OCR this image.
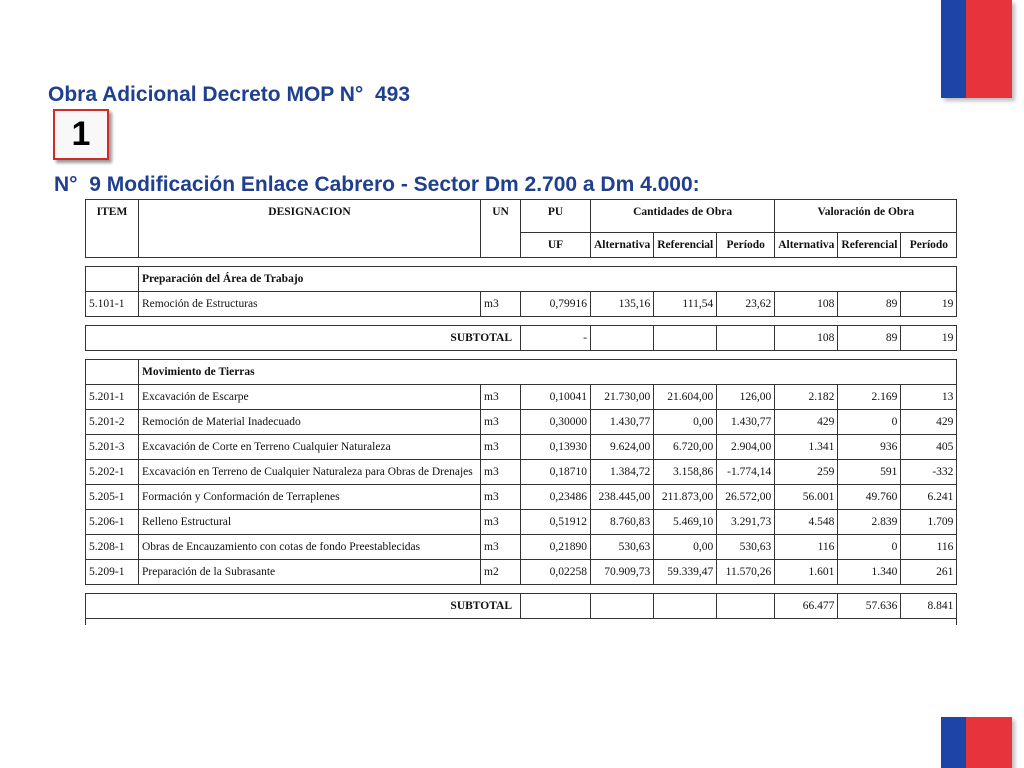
Obra Adicional Decreto MOP N°  493

N°  9 Modificación Enlace Cabrero - Sector Dm 2.700 a Dm 4.000:

1
ITEM	DESIGNACION	UN	PU	Cantidades de Obra			Valoración de Obra		
			UF	Alternativa	Referencial	Período	Alternativa	Referencial	Período

	Preparación del Área de Trabajo								
5.101-1	Remoción de Estructuras	m3	0,79916	135,16	111,54	23,62	108	89	19

SUBTOTAL			-				108	89	19

	Movimiento de Tierras								
5.201-1	Excavación de Escarpe	m3	0,10041	21.730,00	21.604,00	126,00	2.182	2.169	13
5.201-2	Remoción de Material Inadecuado	m3	0,30000	1.430,77	0,00	1.430,77	429	0	429
5.201-3	Excavación de Corte en Terreno Cualquier Naturaleza	m3	0,13930	9.624,00	6.720,00	2.904,00	1.341	936	405
5.202-1	Excavación en Terreno de Cualquier Naturaleza para Obras de Drenajes	m3	0,18710	1.384,72	3.158,86	-1.774,14	259	591	-332
5.205-1	Formación y Conformación de Terraplenes	m3	0,23486	238.445,00	211.873,00	26.572,00	56.001	49.760	6.241
5.206-1	Relleno Estructural	m3	0,51912	8.760,83	5.469,10	3.291,73	4.548	2.839	1.709
5.208-1	Obras de Encauzamiento con cotas de fondo Preestablecidas	m3	0,21890	530,63	0,00	530,63	116	0	116
5.209-1	Preparación de la Subrasante	m2	0,02258	70.909,73	59.339,47	11.570,26	1.601	1.340	261

SUBTOTAL							66.477	57.636	8.841
